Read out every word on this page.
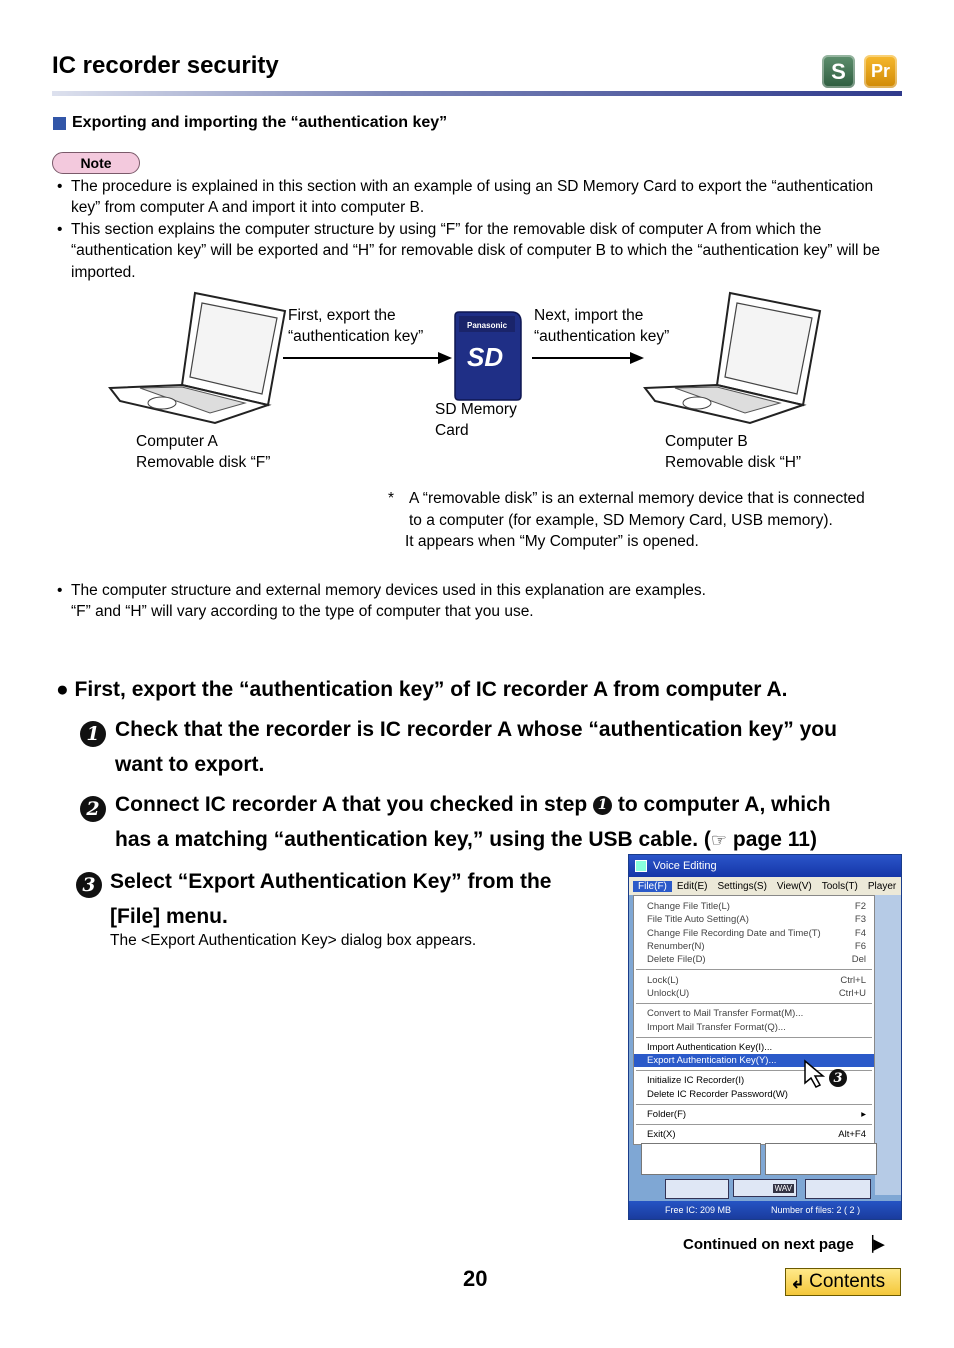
IC recorder security	S	Pr
Exporting and importing the “authentication key”
Note
• The procedure is explained in this section with an example of using an SD Memory Card to export the “authentication key” from computer A and import it into computer B.
• This section explains the computer structure by using “F” for the removable disk of computer A from which the “authentication key” will be exported and “H” for removable disk of computer B to which the “authentication key” will be imported.
Panasonic
SD
First, export the
“authentication key”
Next, import the
“authentication key”
SD Memory
Card
Computer A
Removable disk “F”
Computer B
Removable disk “H”
* A “removable disk” is an external memory device that is connected
to a computer (for example, SD Memory Card, USB memory).
It appears when “My Computer” is opened.
• The computer structure and external memory devices used in this explanation are examples.
“F” and “H” will vary according to the type of computer that you use.
● First, export the “authentication key” of IC recorder A from computer A.
1 Check that the recorder is IC recorder A whose “authentication key” you
want to export.
2 Connect IC recorder A that you checked in step 1 to computer A, which
has a matching “authentication key,” using the USB cable. (☞ page 11)
3 Select “Export Authentication Key” from the
[File] menu.
The <Export Authentication Key> dialog box appears.
Voice Editing
File(F)	Edit(E)	Settings(S)	View(V)	Tools(T)	Player
Change File Title(L)	F2
File Title Auto Setting(A)	F3
Change File Recording Date and Time(T)	F4
Renumber(N)	F6
Delete File(D)	Del
Lock(L)	Ctrl+L
Unlock(U)	Ctrl+U
Convert to Mail Transfer Format(M)...
Import Mail Transfer Format(Q)...
Import Authentication Key(I)...
Export Authentication Key(Y)...
Initialize IC Recorder(I)
Delete IC Recorder Password(W)
Folder(F)	▸
Exit(X)	Alt+F4
WAV
3
Free IC: 209 MB	Number of files: 2 ( 2 )
Continued on next page ▕▶
20	↲ Contents
